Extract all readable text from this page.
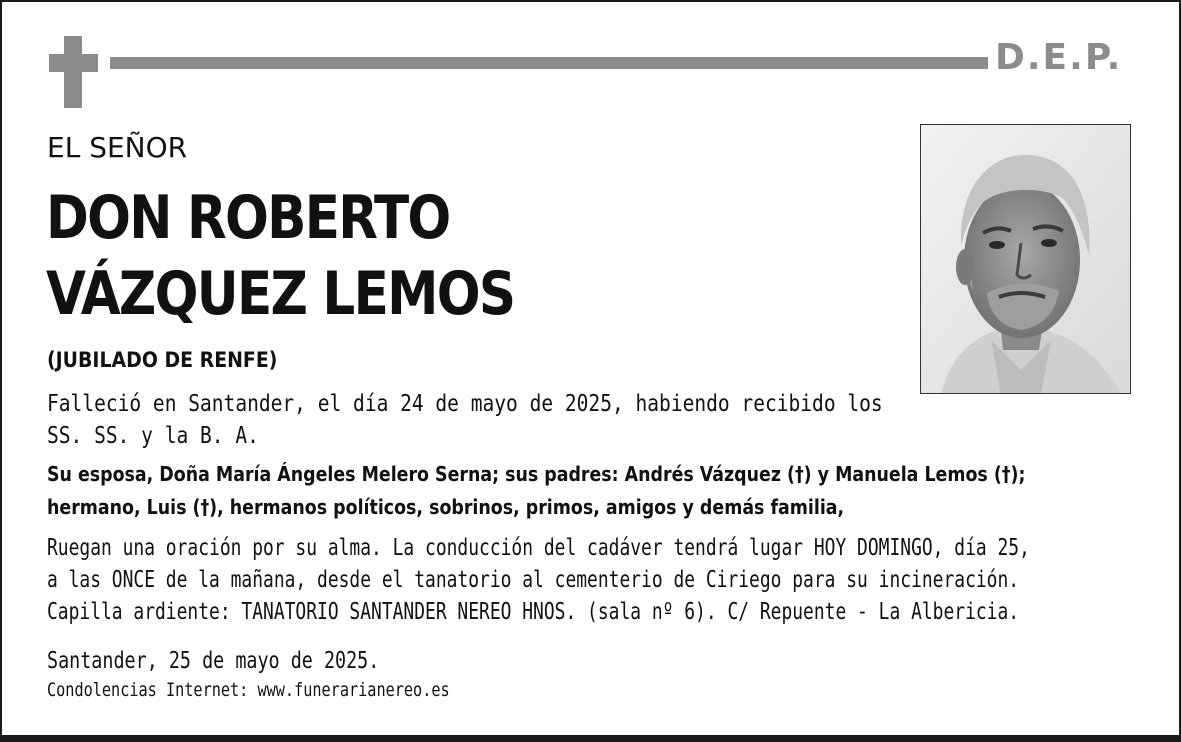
D.E.P.
EL SEÑOR
DON ROBERTO
VÁZQUEZ LEMOS
(JUBILADO DE RENFE)
Falleció en Santander, el día 24 de mayo de 2025, habiendo recibido los
SS. SS. y la B. A.
Su esposa, Doña María Ángeles Melero Serna; sus padres: Andrés Vázquez (†) y Manuela Lemos (†);
hermano, Luis (†), hermanos políticos, sobrinos, primos, amigos y demás familia,
Ruegan una oración por su alma. La conducción del cadáver tendrá lugar HOY DOMINGO, día 25,
a las ONCE de la mañana, desde el tanatorio al cementerio de Ciriego para su incineración.
Capilla ardiente: TANATORIO SANTANDER NEREO HNOS. (sala nº 6). C/ Repuente - La Albericia.
Santander, 25 de mayo de 2025.
Condolencias Internet: www.funerarianereo.es
